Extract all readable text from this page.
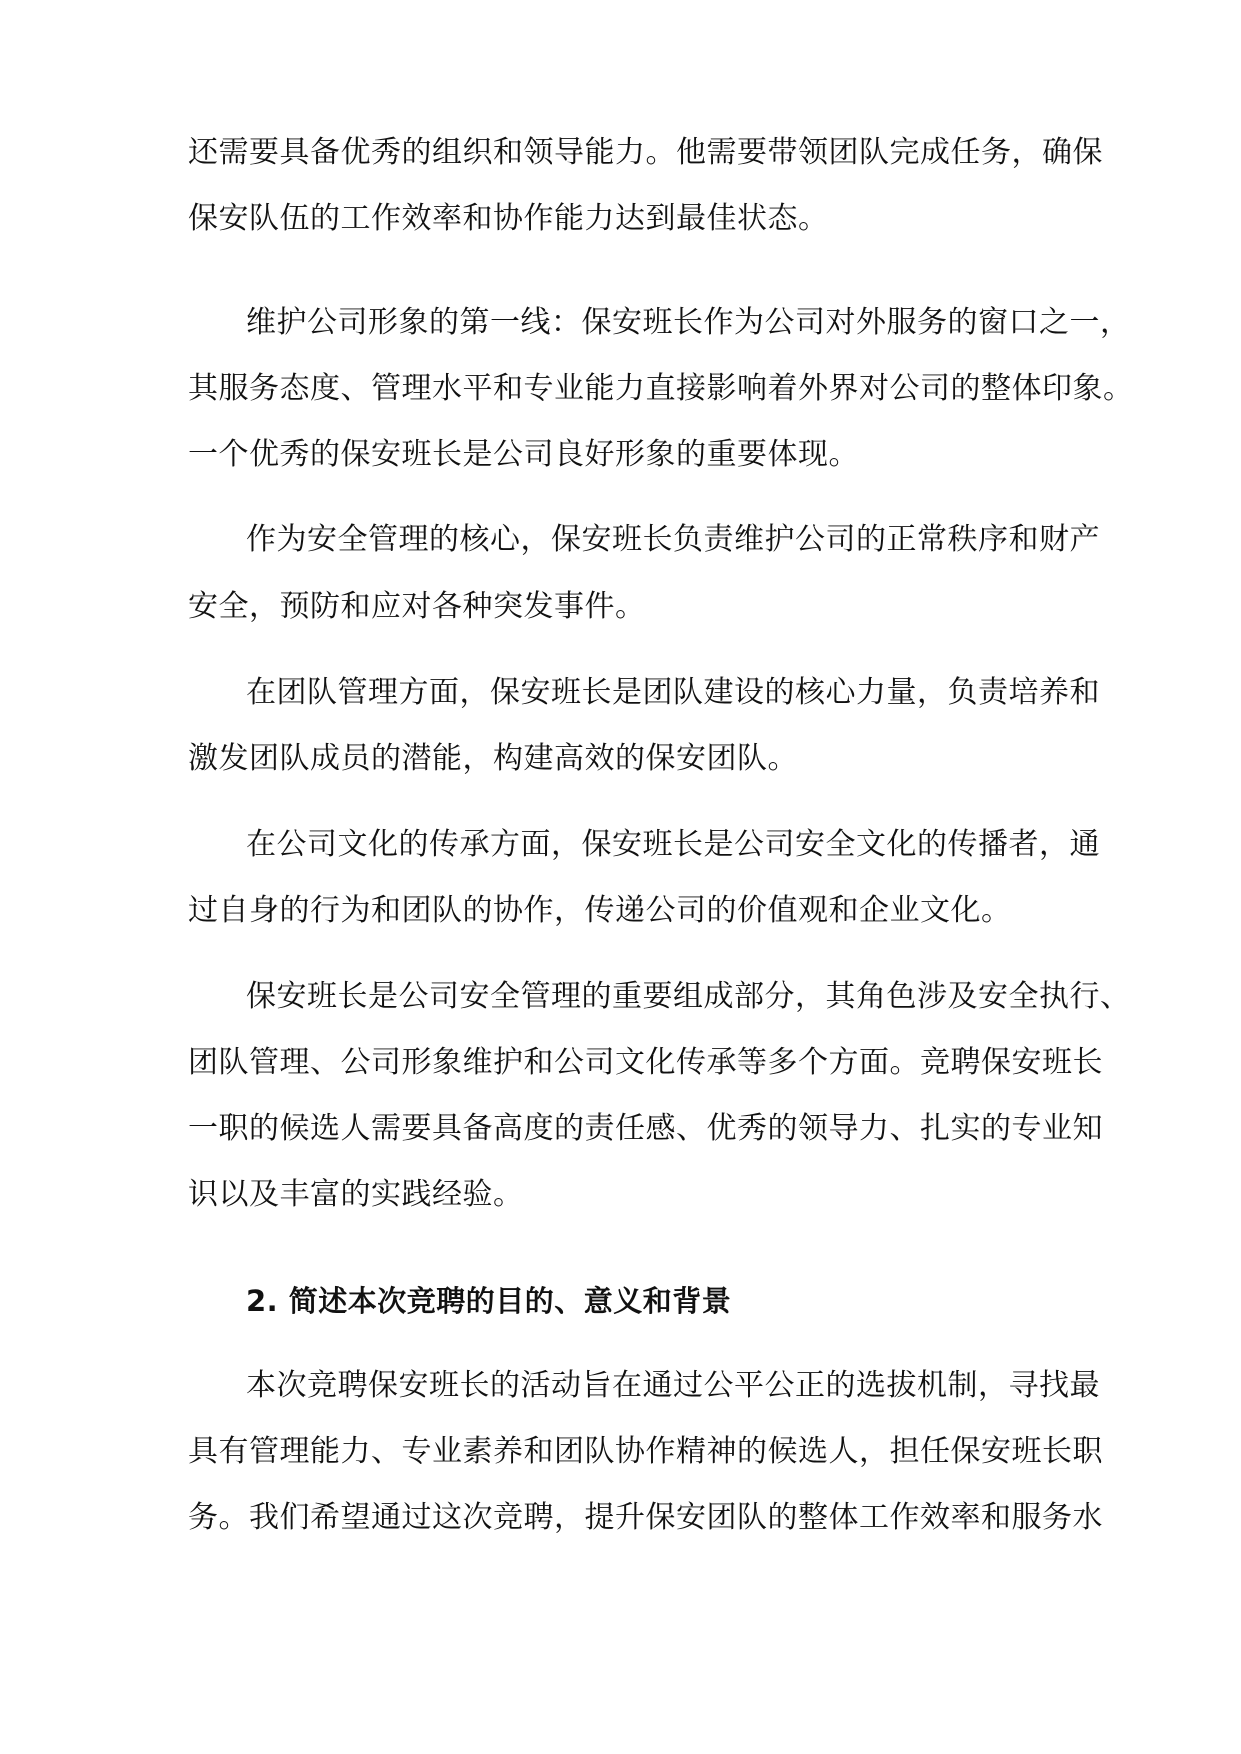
还需要具备优秀的组织和领导能力。他需要带领团队完成任务，确保
保安队伍的工作效率和协作能力达到最佳状态。
维护公司形象的第一线：保安班长作为公司对外服务的窗口之一，
其服务态度、管理水平和专业能力直接影响着外界对公司的整体印象。
一个优秀的保安班长是公司良好形象的重要体现。
作为安全管理的核心，保安班长负责维护公司的正常秩序和财产
安全，预防和应对各种突发事件。
在团队管理方面，保安班长是团队建设的核心力量，负责培养和
激发团队成员的潜能，构建高效的保安团队。
在公司文化的传承方面，保安班长是公司安全文化的传播者，通
过自身的行为和团队的协作，传递公司的价值观和企业文化。
保安班长是公司安全管理的重要组成部分，其角色涉及安全执行、
团队管理、公司形象维护和公司文化传承等多个方面。竞聘保安班长
一职的候选人需要具备高度的责任感、优秀的领导力、扎实的专业知
识以及丰富的实践经验。
2. 简述本次竞聘的目的、意义和背景
本次竞聘保安班长的活动旨在通过公平公正的选拔机制，寻找最
具有管理能力、专业素养和团队协作精神的候选人，担任保安班长职
务。我们希望通过这次竞聘，提升保安团队的整体工作效率和服务水
